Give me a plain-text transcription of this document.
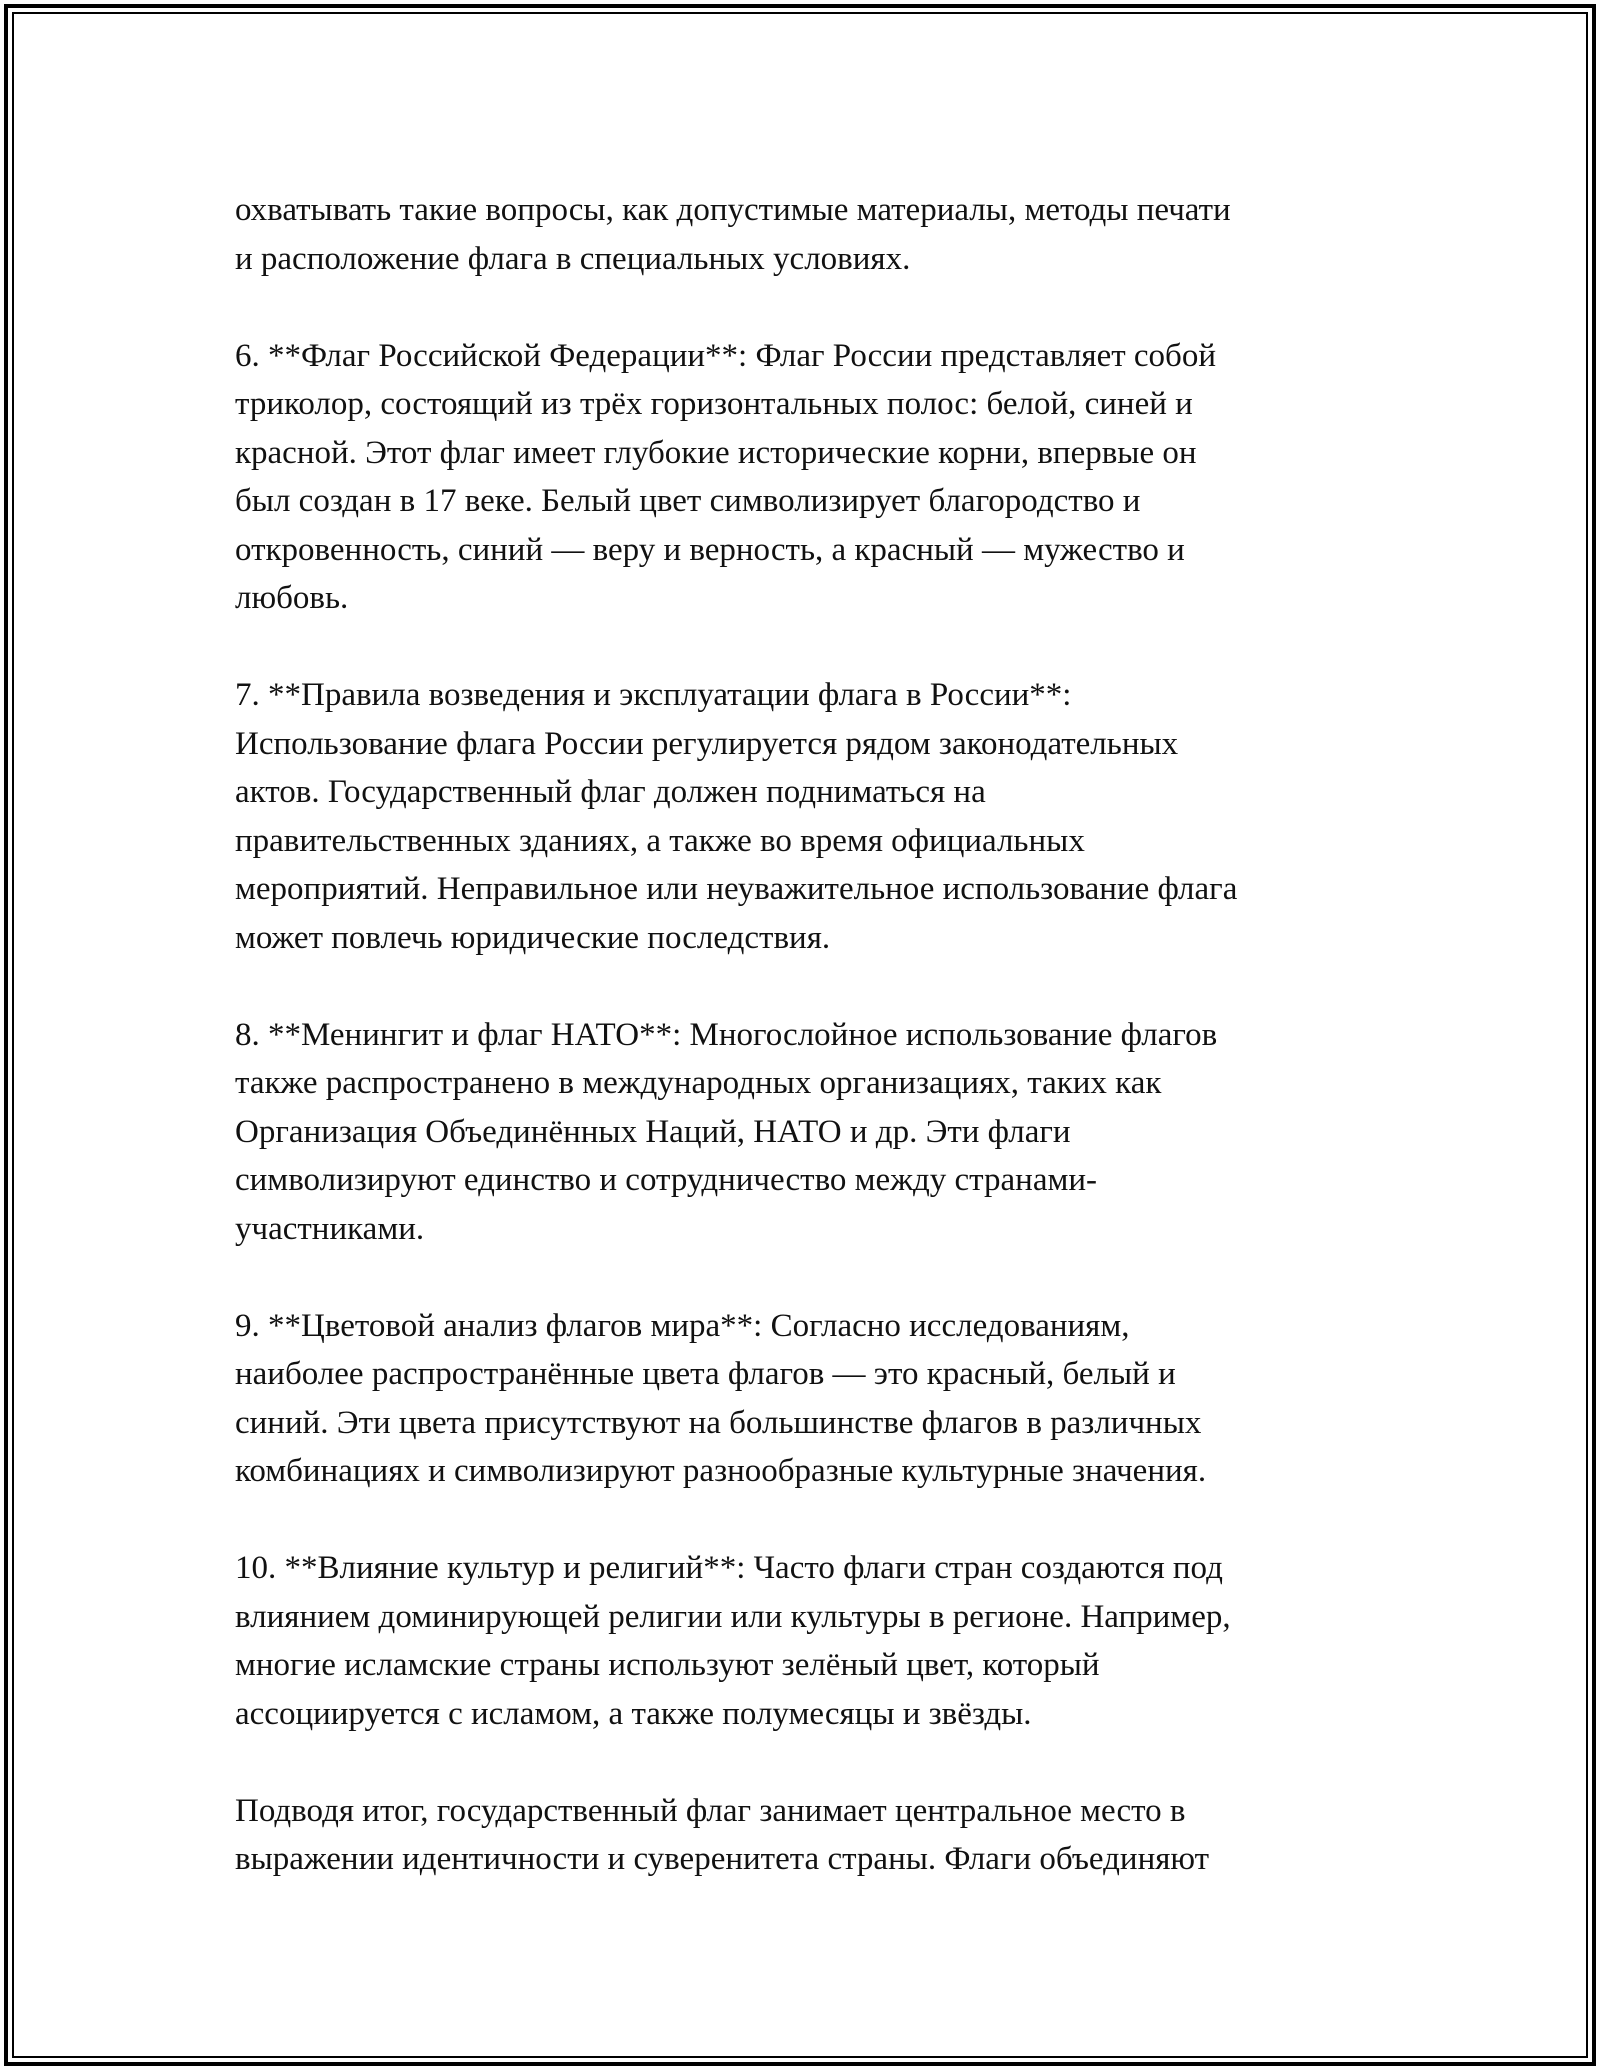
охватывать такие вопросы, как допустимые материалы, методы печати
и расположение флага в специальных условиях.

6. **Флаг Российской Федерации**: Флаг России представляет собой
триколор, состоящий из трёх горизонтальных полос: белой, синей и
красной. Этот флаг имеет глубокие исторические корни, впервые он
был создан в 17 веке. Белый цвет символизирует благородство и
откровенность, синий — веру и верность, а красный — мужество и
любовь.

7. **Правила возведения и эксплуатации флага в России**:
Использование флага России регулируется рядом законодательных
актов. Государственный флаг должен подниматься на
правительственных зданиях, а также во время официальных
мероприятий. Неправильное или неуважительное использование флага
может повлечь юридические последствия.

8. **Менингит и флаг НАТО**: Многослойное использование флагов
также распространено в международных организациях, таких как
Организация Объединённых Наций, НАТО и др. Эти флаги
символизируют единство и сотрудничество между странами-
участниками.

9. **Цветовой анализ флагов мира**: Согласно исследованиям,
наиболее распространённые цвета флагов — это красный, белый и
синий. Эти цвета присутствуют на большинстве флагов в различных
комбинациях и символизируют разнообразные культурные значения.

10. **Влияние культур и религий**: Часто флаги стран создаются под
влиянием доминирующей религии или культуры в регионе. Например,
многие исламские страны используют зелёный цвет, который
ассоциируется с исламом, а также полумесяцы и звёзды.

Подводя итог, государственный флаг занимает центральное место в
выражении идентичности и суверенитета страны. Флаги объединяют
